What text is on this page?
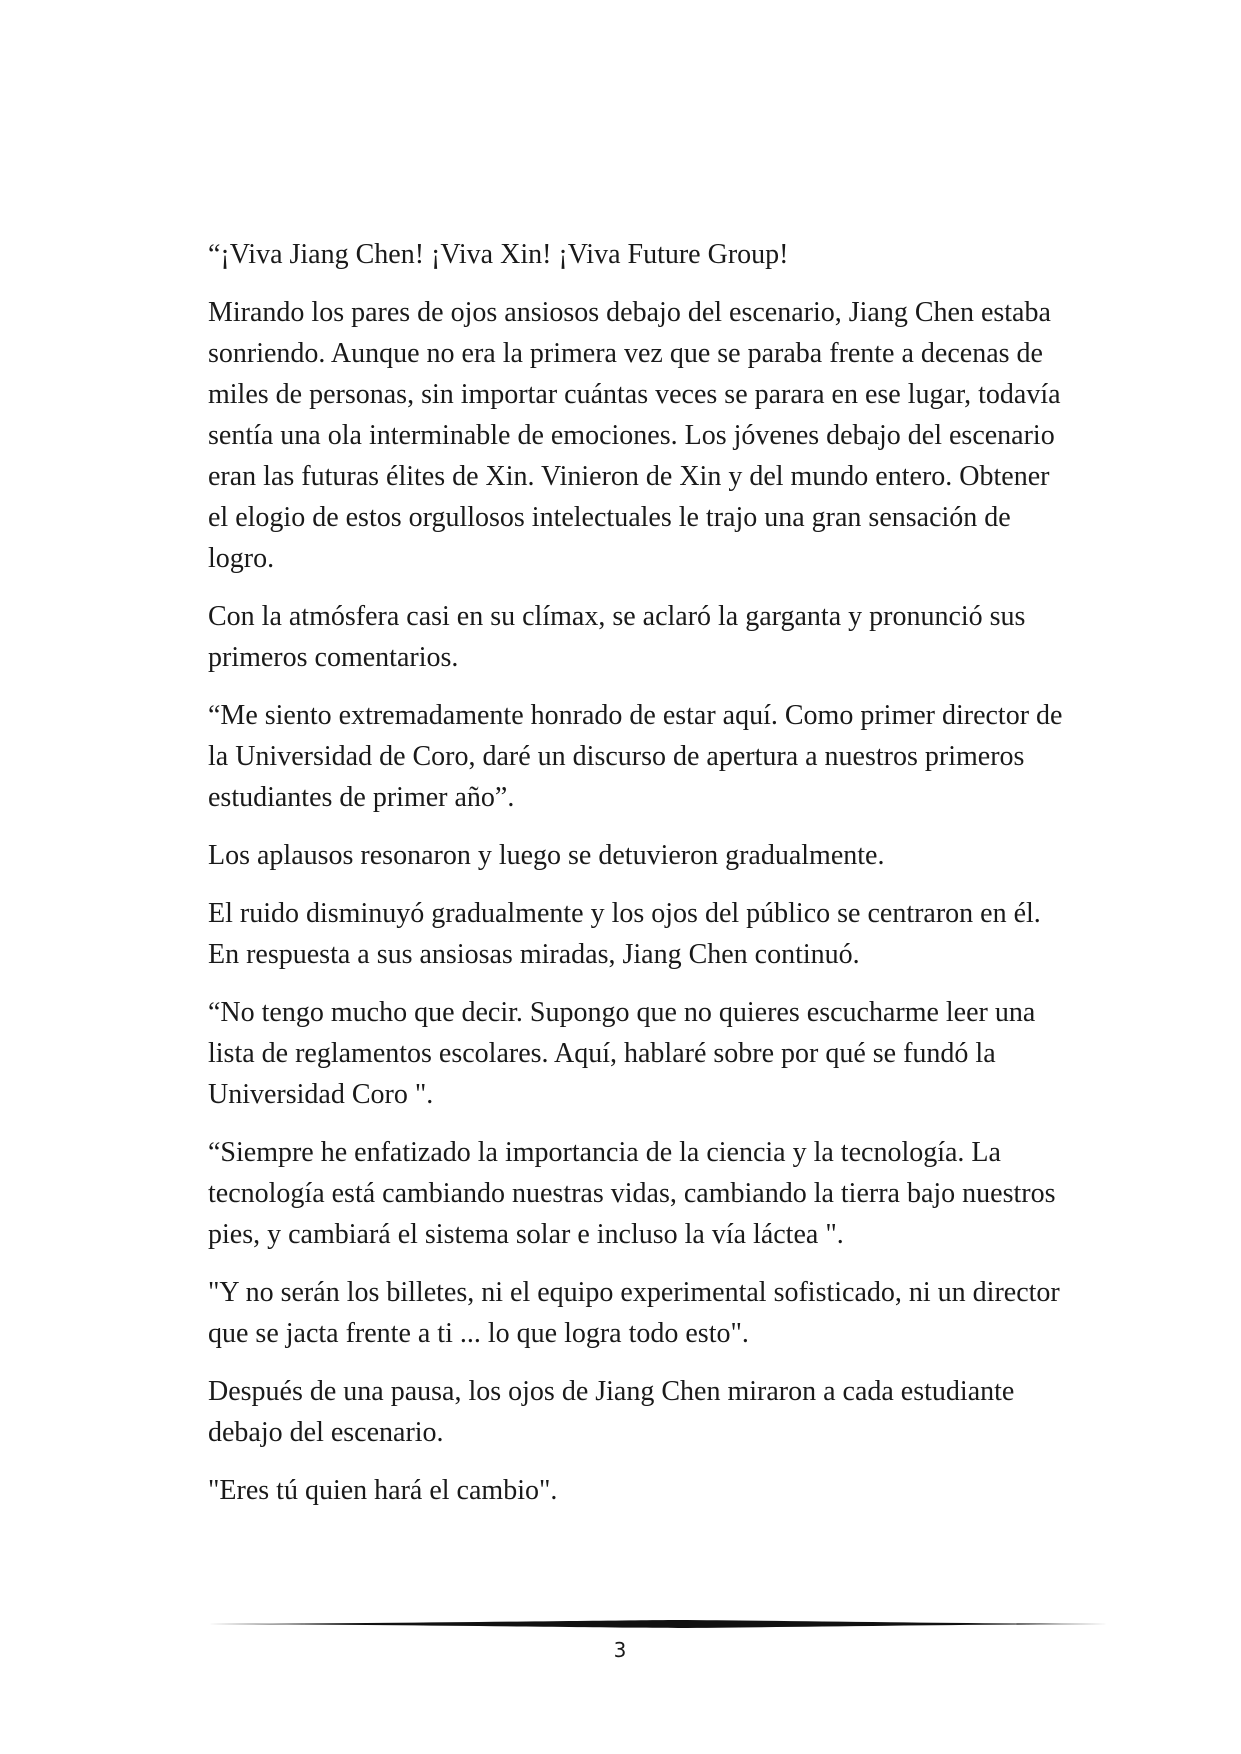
“¡Viva Jiang Chen! ¡Viva Xin! ¡Viva Future Group!

Mirando los pares de ojos ansiosos debajo del escenario, Jiang Chen estaba sonriendo. Aunque no era la primera vez que se paraba frente a decenas de miles de personas, sin importar cuántas veces se parara en ese lugar, todavía sentía una ola interminable de emociones. Los jóvenes debajo del escenario eran las futuras élites de Xin. Vinieron de Xin y del mundo entero. Obtener el elogio de estos orgullosos intelectuales le trajo una gran sensación de logro.

Con la atmósfera casi en su clímax, se aclaró la garganta y pronunció sus primeros comentarios.

“Me siento extremadamente honrado de estar aquí. Como primer director de la Universidad de Coro, daré un discurso de apertura a nuestros primeros estudiantes de primer año”.

Los aplausos resonaron y luego se detuvieron gradualmente.

El ruido disminuyó gradualmente y los ojos del público se centraron en él. En respuesta a sus ansiosas miradas, Jiang Chen continuó.

“No tengo mucho que decir. Supongo que no quieres escucharme leer una lista de reglamentos escolares. Aquí, hablaré sobre por qué se fundó la Universidad Coro ".

“Siempre he enfatizado la importancia de la ciencia y la tecnología. La tecnología está cambiando nuestras vidas, cambiando la tierra bajo nuestros pies, y cambiará el sistema solar e incluso la vía láctea ".

"Y no serán los billetes, ni el equipo experimental sofisticado, ni un director que se jacta frente a ti ... lo que logra todo esto".

Después de una pausa, los ojos de Jiang Chen miraron a cada estudiante debajo del escenario.

"Eres tú quien hará el cambio".

3
